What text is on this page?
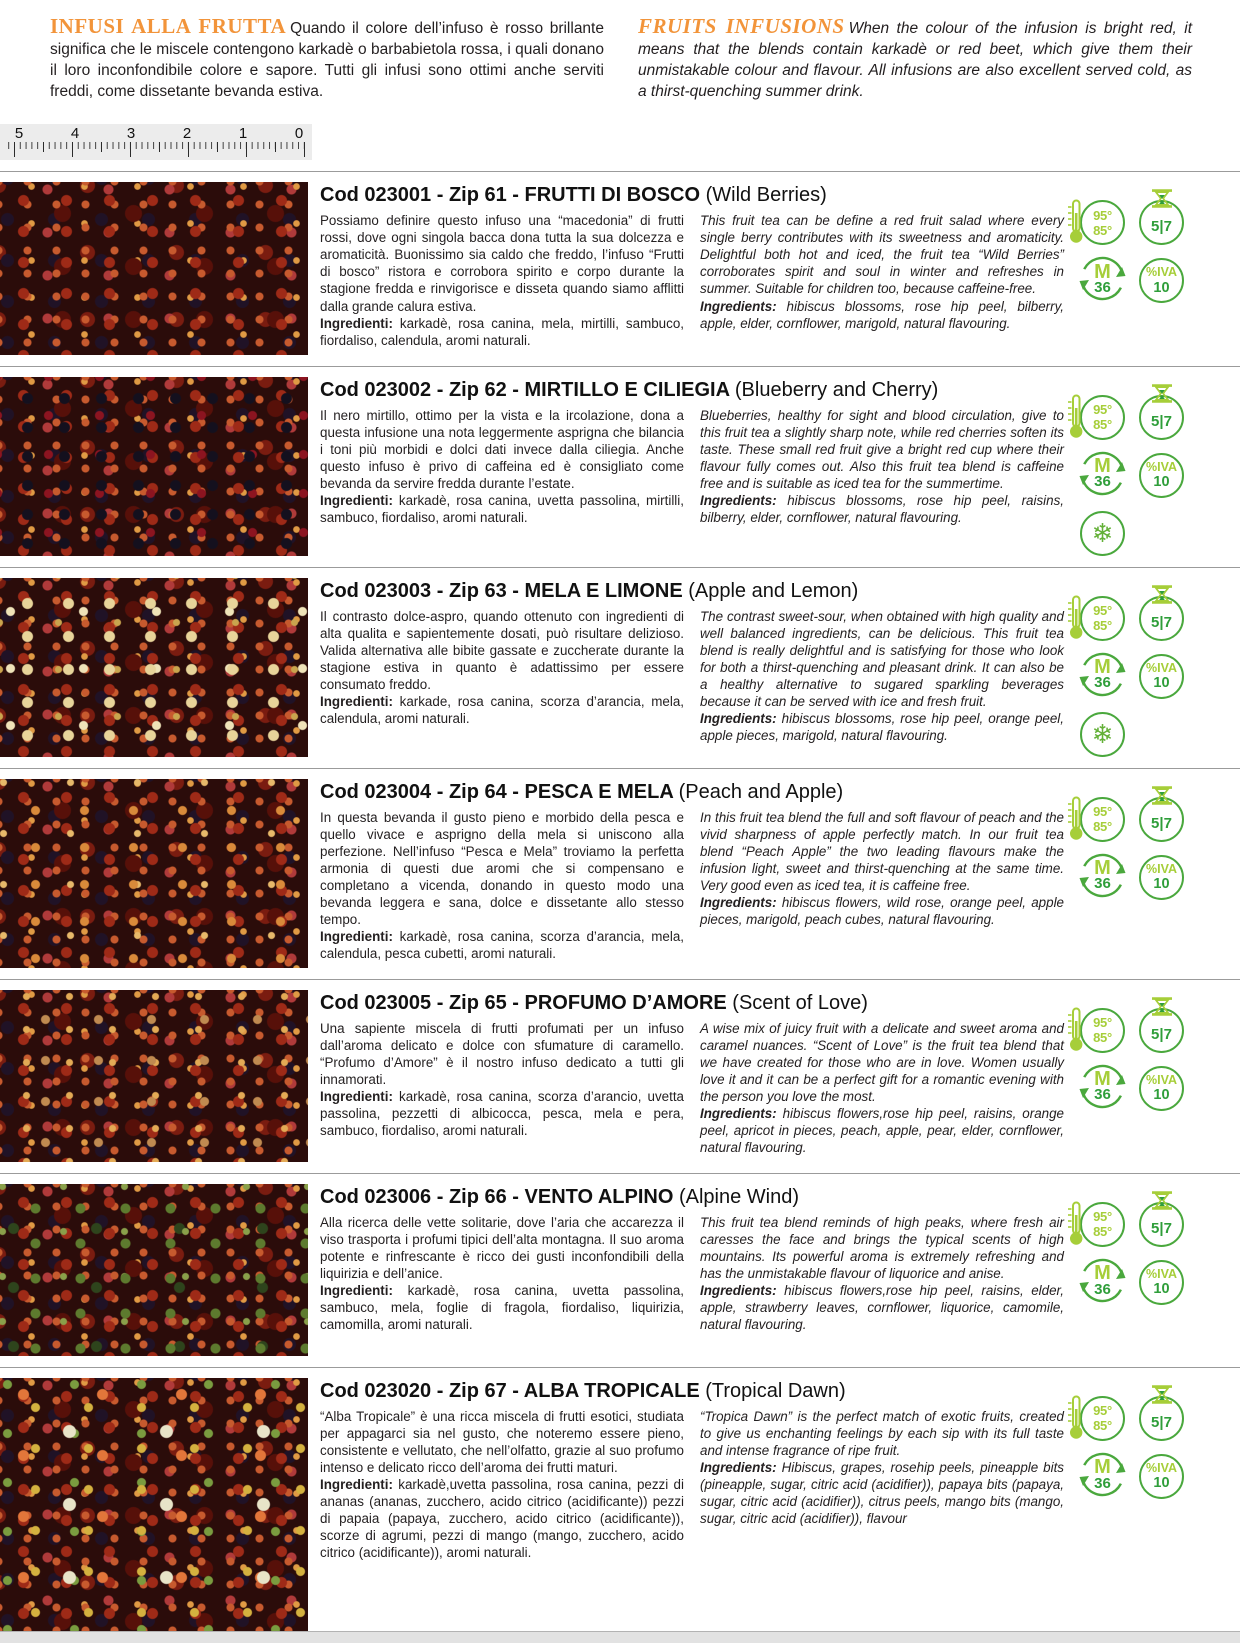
INFUSI ALLA FRUTTA Quando il colore dell’infuso è rosso brillante significa che le miscele contengono karkadè o barbabietola rossa, i quali donano il loro inconfondibile colore e sapore. Tutti gli infusi sono ottimi anche serviti freddi, come dissetante bevanda estiva.

FRUITS INFUSIONS When the colour of the infusion is bright red, it means that the blends contain karkadè or red beet, which give them their unmistakable colour and flavour. All infusions are also excellent served cold, as a thirst-quenching summer drink.

5	4	3	2	1	0
Cod 023001 - Zip 61 - FRUTTI DI BOSCO (Wild Berries)

Possiamo definire questo infuso una “macedonia” di frutti rossi, dove ogni singola bacca dona tutta la sua dolcezza e aromaticità. Buonissimo sia caldo che freddo, l’infuso “Frutti di bosco” ristora e corrobora spirito e corpo durante la stagione fredda e rinvigorisce e disseta quando siamo afflitti dalla grande calura estiva.

Ingredienti: karkadè, rosa canina, mela, mirtilli, sambuco, fiordaliso, calendula, aromi naturali.

This fruit tea can be define a red fruit salad where every single berry contributes with its sweetness and aromaticity. Delightful both hot and iced, the fruit tea “Wild Berries” corroborates spirit and soul in winter and refreshes in summer. Suitable for children too, because caffeine-free.

Ingredients: hibiscus blossoms, rose hip peel, bilberry, apple, elder, cornflower, marigold, natural flavouring.

95°
85°	5|7
M
36
%IVA
10
Cod 023002 - Zip 62 - MIRTILLO E CILIEGIA (Blueberry and Cherry)

Il nero mirtillo, ottimo per la vista e la ircolazione, dona a questa infusione una nota leggermente asprigna che bilancia i toni più morbidi e dolci dati invece dalla ciliegia. Anche questo infuso è privo di caffeina ed è consigliato come bevanda da servire fredda durante l’estate.

Ingredienti: karkadè, rosa canina, uvetta passolina, mirtilli, sambuco, fiordaliso, aromi naturali.

Blueberries, healthy for sight and blood circulation, give to this fruit tea a slightly sharp note, while red cherries soften its taste. These small red fruit give a bright red cup where their flavour fully comes out. Also this fruit tea blend is caffeine free and is suitable as iced tea for the summertime.

Ingredients: hibiscus blossoms, rose hip peel, raisins, bilberry, elder, cornflower, natural flavouring.

95°
85°	5|7
M
36
%IVA
10
❄
Cod 023003 - Zip 63 - MELA E LIMONE (Apple and Lemon)

Il contrasto dolce-aspro, quando ottenuto con ingredienti di alta qualita e sapientemente dosati, può risultare delizioso. Valida alternativa alle bibite gassate e zuccherate durante la stagione estiva in quanto è adattissimo per essere consumato freddo.

Ingredienti: karkade, rosa canina, scorza d’arancia, mela, calendula, aromi naturali.

The contrast sweet-sour, when obtained with high quality and well balanced ingredients, can be delicious. This fruit tea blend is really delightful and is satisfying for those who look for both a thirst-quenching and pleasant drink. It can also be a healthy alternative to sugared sparkling beverages because it can be served with ice and fresh fruit.

Ingredients: hibiscus blossoms, rose hip peel, orange peel, apple pieces, marigold, natural flavouring.

95°
85°	5|7
M
36
%IVA
10
❄
Cod 023004 - Zip 64 - PESCA E MELA (Peach and Apple)

In questa bevanda il gusto pieno e morbido della pesca e quello vivace e asprigno della mela si uniscono alla perfezione. Nell’infuso “Pesca e Mela” troviamo la perfetta armonia di questi due aromi che si compensano e completano a vicenda, donando in questo modo una bevanda leggera e sana, dolce e dissetante allo stesso tempo.

Ingredienti: karkadè, rosa canina, scorza d’arancia, mela, calendula, pesca cubetti, aromi naturali.

In this fruit tea blend the full and soft flavour of peach and the vivid sharpness of apple perfectly match. In our fruit tea blend “Peach Apple” the two leading flavours make the infusion light, sweet and thirst-quenching at the same time. Very good even as iced tea, it is caffeine free.

Ingredients: hibiscus flowers, wild rose, orange peel, apple pieces, marigold, peach cubes, natural flavouring.

95°
85°	5|7
M
36
%IVA
10
Cod 023005 - Zip 65 - PROFUMO D’AMORE (Scent of Love)

Una sapiente miscela di frutti profumati per un infuso dall’aroma delicato e dolce con sfumature di caramello. “Profumo d’Amore” è il nostro infuso dedicato a tutti gli innamorati.

Ingredienti: karkadè, rosa canina, scorza d’arancio, uvetta passolina, pezzetti di albicocca, pesca, mela e pera, sambuco, fiordaliso, aromi naturali.

A wise mix of juicy fruit with a delicate and sweet aroma and caramel nuances. “Scent of Love” is the fruit tea blend that we have created for those who are in love. Women usually love it and it can be a perfect gift for a romantic evening with the person you love the most.

Ingredients: hibiscus flowers,rose hip peel, raisins, orange peel, apricot in pieces, peach, apple, pear, elder, cornflower, natural flavouring.

95°
85°	5|7
M
36
%IVA
10
Cod 023006 - Zip 66 - VENTO ALPINO (Alpine Wind)

Alla ricerca delle vette solitarie, dove l’aria che accarezza il viso trasporta i profumi tipici dell’alta montagna. Il suo aroma potente e rinfrescante è ricco dei gusti inconfondibili della liquirizia e dell’anice.

Ingredienti: karkadè, rosa canina, uvetta passolina, sambuco, mela, foglie di fragola, fiordaliso, liquirizia, camomilla, aromi naturali.

This fruit tea blend reminds of high peaks, where fresh air caresses the face and brings the typical scents of high mountains. Its powerful aroma is extremely refreshing and has the unmistakable flavour of liquorice and anise.

Ingredients: hibiscus flowers,rose hip peel, raisins, elder, apple, strawberry leaves, cornflower, liquorice, camomile, natural flavouring.

95°
85°	5|7
M
36
%IVA
10
Cod 023020 - Zip 67 - ALBA TROPICALE (Tropical Dawn)

“Alba Tropicale” è una ricca miscela di frutti esotici, studiata per appagarci sia nel gusto, che noteremo essere pieno, consistente e vellutato, che nell’olfatto, grazie al suo profumo intenso e delicato ricco dell’aroma dei frutti maturi.

Ingredienti: karkadè,uvetta passolina, rosa canina, pezzi di ananas (ananas, zucchero, acido citrico (acidificante)) pezzi di papaia (papaya, zucchero, acido citrico (acidificante)), scorze di agrumi, pezzi di mango (mango, zucchero, acido citrico (acidificante)), aromi naturali.

“Tropica Dawn” is the perfect match of exotic fruits, created to give us enchanting feelings by each sip with its full taste and intense fragrance of ripe fruit.

Ingredients: Hibiscus, grapes, rosehip peels, pineapple bits (pineapple, sugar, citric acid (acidifier)), papaya bits (papaya, sugar, citric acid (acidifier)), citrus peels, mango bits (mango, sugar, citric acid (acidifier)), flavour

95°
85°	5|7
M
36
%IVA
10
